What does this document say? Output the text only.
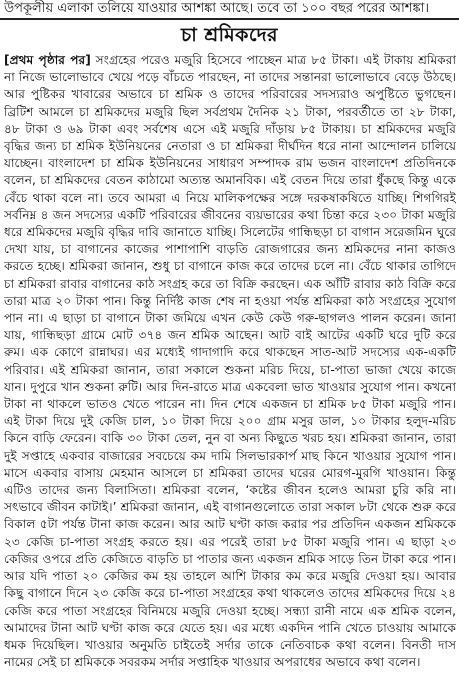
উপকূলীয় এলাকা তলিয়ে যাওয়ার আশঙ্কা আছে। তবে তা ১০০ বছর পরের আশঙ্কা।
চা শ্রমিকদের

[প্রথম পৃষ্ঠার পর] সংগ্রহের পরেও মজুরি হিসেবে পাচ্ছেন মাত্র ৮৫ টাকা। এই টাকায় শ্রমিকরা না নিজে ভালোভাবে খেয়ে পড়ে বাঁচতে পারছেন, না তাদের সন্তানরা ভালোভাবে বেড়ে উঠছে। আর পুষ্টিকর খাবারের অভাবে চা শ্রমিক ও তাদের পরিবারের সদস্যরাও অপুষ্টিতে ভুগছেন। ব্রিটিশ আমলে চা শ্রমিকদের মজুরি ছিল সর্বপ্রথম দৈনিক ২১ টাকা, পরবর্তীতে তা ২৮ টাকা, ৪৮ টাকা ও ৬৯ টাকা এবং সর্বশেষ এসে এই মজুরি দাঁড়ায় ৮৫ টাকায়। চা শ্রমিকদের মজুরি বৃদ্ধির জন্য চা শ্রমিক ইউনিয়নের নেতারা ও চা শ্রমিকরা দীর্ঘদিন ধরে নানা আন্দোলন চালিয়ে যাচ্ছেন। বাংলাদেশ চা শ্রমিক ইউনিয়নের সাধারণ সম্পাদক রাম ভজন বাংলাদেশ প্রতিদিনকে বলেন, চা শ্রমিকদের বেতন কাঠামো অত্যন্ত অমানবিক। এই বেতন দিয়ে তারা ধুঁকছে কিন্তু একে বেঁচে থাকা বলে না। তবে আমরা এ নিয়ে মালিকপক্ষের সঙ্গে দরকষাকষিতে যাচ্ছি। শিগগিরই সর্বনিম্ন ৪ জন সদস্যের একটি পরিবারের জীবনের ব্যয়ভারের কথা চিন্তা করে ২৩০ টাকা মজুরি ধরে শ্রমিকদের মজুরি বৃদ্ধির দাবি জানাতে যাচ্ছি। সিলেটের গান্ধিছড়া চা বাগান সরেজমিন ঘুরে দেখা যায়, চা বাগানের কাজের পাশাপাশি বাড়তি রোজগারের জন্য শ্রমিকদের নানা কাজও করতে হচ্ছে। শ্রমিকরা জানান, শুধু চা বাগানে কাজ করে তাদের চলে না। বেঁচে থাকার তাগিদে চা শ্রমিকরা রাবার বাগানের কাঠ সংগ্রহ করে তা বিক্রি করছেন। এক আঁটি রাবার কাঠ বিক্রি করে তারা মাত্র ২০ টাকা পান। কিন্তু নির্দিষ্ট কাজ শেষ না হওয়া পর্যন্ত শ্রমিকরা কাঠ সংগ্রহের সুযোগ পান না। এ ছাড়া চা বাগানে টাকা জমিয়ে এখন কেউ কেউ গরু-ছাগলও পালন করেন। জানা যায়, গান্ধিছড়া গ্রামে মোট ৩৭৪ জন শ্রমিক আছেন। আট বাই আটের একটি ঘরে দুটি করে রুম। এক কোণে রান্নাঘর। এর মধ্যেই গাদাগাদি করে থাকছেন সাত-আট সদস্যের এক-একটি পরিবার। এই শ্রমিকরা জানান, তারা সকালে শুকনা মরিচ দিয়ে, চা-পাতা ভাজা খেয়ে কাজে যান। দুপুরে খান শুকনা রুটি। আর দিন-রাতে মাত্র একবেলা ভাত খাওয়ার সুযোগ পান। কখনো টাকা না থাকলে ভাতও খেতে পারেন না। দিন শেষে একজন চা শ্রমিক ৮৫ টাকা মজুরি পান। এই টাকা দিয়ে দুই কেজি চাল, ১০ টাকা দিয়ে ২০০ গ্রাম মসুর ডাল, ১০ টাকার হলুদ-মরিচ কিনে বাড়ি ফেরেন। বাকি ৩০ টাকা তেল, নুন বা অন্য কিছুতে খরচ হয়। শ্রমিকরা জানান, তারা দুই সপ্তাহে একবার বাজারের সবচেয়ে কম দামি সিলভারকার্প মাছ কিনে খাওয়ার সুযোগ পান। মাসে একবার বাসায় মেহমান আসলে চা শ্রমিকরা তাদের ঘরের মোরগ-মুরগি খাওয়ান। কিন্তু এটিও তাদের জন্য বিলাসিতা। শ্রমিকরা বলেন, ‘কষ্টের জীবন হলেও আমরা চুরি করি না। সৎভাবে জীবন কাটাই।’ শ্রমিকরা জানান, এই বাগানগুলোতে তারা সকাল ৮টা থেকে শুরু করে বিকাল ৫টা পর্যন্ত টানা কাজ করেন। আর আট ঘণ্টা কাজ করার পর প্রতিদিন একজন শ্রমিককে ২৩ কেজি চা-পাতা সংগ্রহ করতে হয়। এর পরেই তারা ৮৫ টাকা মজুরি পান। এ ছাড়া ২৩ কেজির ওপরে প্রতি কেজিতে বাড়তি চা পাতার জন্য একজন শ্রমিক সাড়ে তিন টাকা করে পান। আর যদি পাতা ২০ কেজির কম হয় তাহলে আশি টাকার কম করে মজুরি দেওয়া হয়। আবার কিছু বাগানে দিনে ২৩ কেজি করে চা-পাতা সংগ্রহের কথা থাকলেও তাদের শ্রমিকদের দিয়ে ২৪ কেজি করে পাতা সংগ্রহের বিনিময়ে মজুরি দেওয়া হচ্ছে। সন্ধ্যা রানী নামে এক শ্রমিক বলেন, আমাদের টানা আট ঘণ্টা কাজ করে যেতে হয়। এর মধ্যে একদিন পানি খেতে চাওয়ায় আমাকে ধমক দিয়েছিল। খাওয়ার অনুমতি চাইতেই সর্দার তাকে নেতিবাচক কথা বলেন। বিনতী দাস নামের সেই চা শ্রমিককে সবরকম সর্দার সপ্তাহিক খাওয়ার অপরাধের অভাবে কথা বলেন।
